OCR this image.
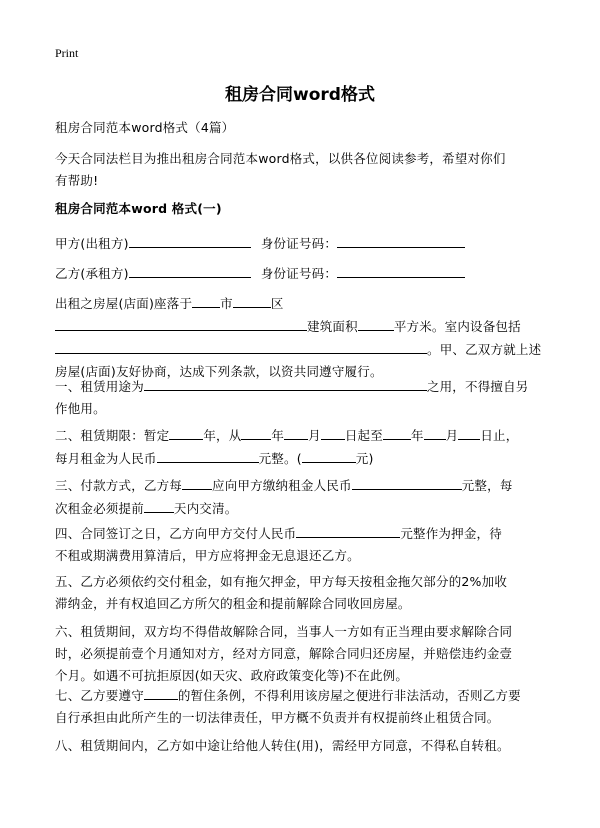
Print
租房合同word格式
租房合同范本word格式（4篇）
今天合同法栏目为推出租房合同范本word格式，以供各位阅读参考，希望对你们
有帮助!
租房合同范本word 格式(一)
甲方(出租方)	身份证号码：
乙方(承租方)	身份证号码：
出租之房屋(店面)座落于 市	区
建筑面积	平方米。室内设备包括
。甲、乙双方就上述
房屋(店面)友好协商，达成下列条款，以资共同遵守履行。
一、租赁用途为	之用，不得擅自另
作他用。
二、租赁期限：暂定	年，从 年 月 日起至 年 月 日止，
每月租金为人民币	元整。(	元)
三、付款方式，乙方每 应向甲方缴纳租金人民币	元整，每
次租金必须提前 天内交清。
四、合同签订之日，乙方向甲方交付人民币	元整作为押金，待
不租或期满费用算清后，甲方应将押金无息退还乙方。
五、乙方必须依约交付租金，如有拖欠押金，甲方每天按租金拖欠部分的2%加收
滞纳金，并有权追回乙方所欠的租金和提前解除合同收回房屋。
六、租赁期间，双方均不得借故解除合同，当事人一方如有正当理由要求解除合同
时，必须提前壹个月通知对方，经对方同意，解除合同归还房屋，并赔偿违约金壹
个月。如遇不可抗拒原因(如天灾、政府政策变化等)不在此例。
七、乙方要遵守	的暂住条例，不得利用该房屋之便进行非法活动，否则乙方要
自行承担由此所产生的一切法律责任，甲方概不负责并有权提前终止租赁合同。
八、租赁期间内，乙方如中途让给他人转住(用)，需经甲方同意，不得私自转租。
